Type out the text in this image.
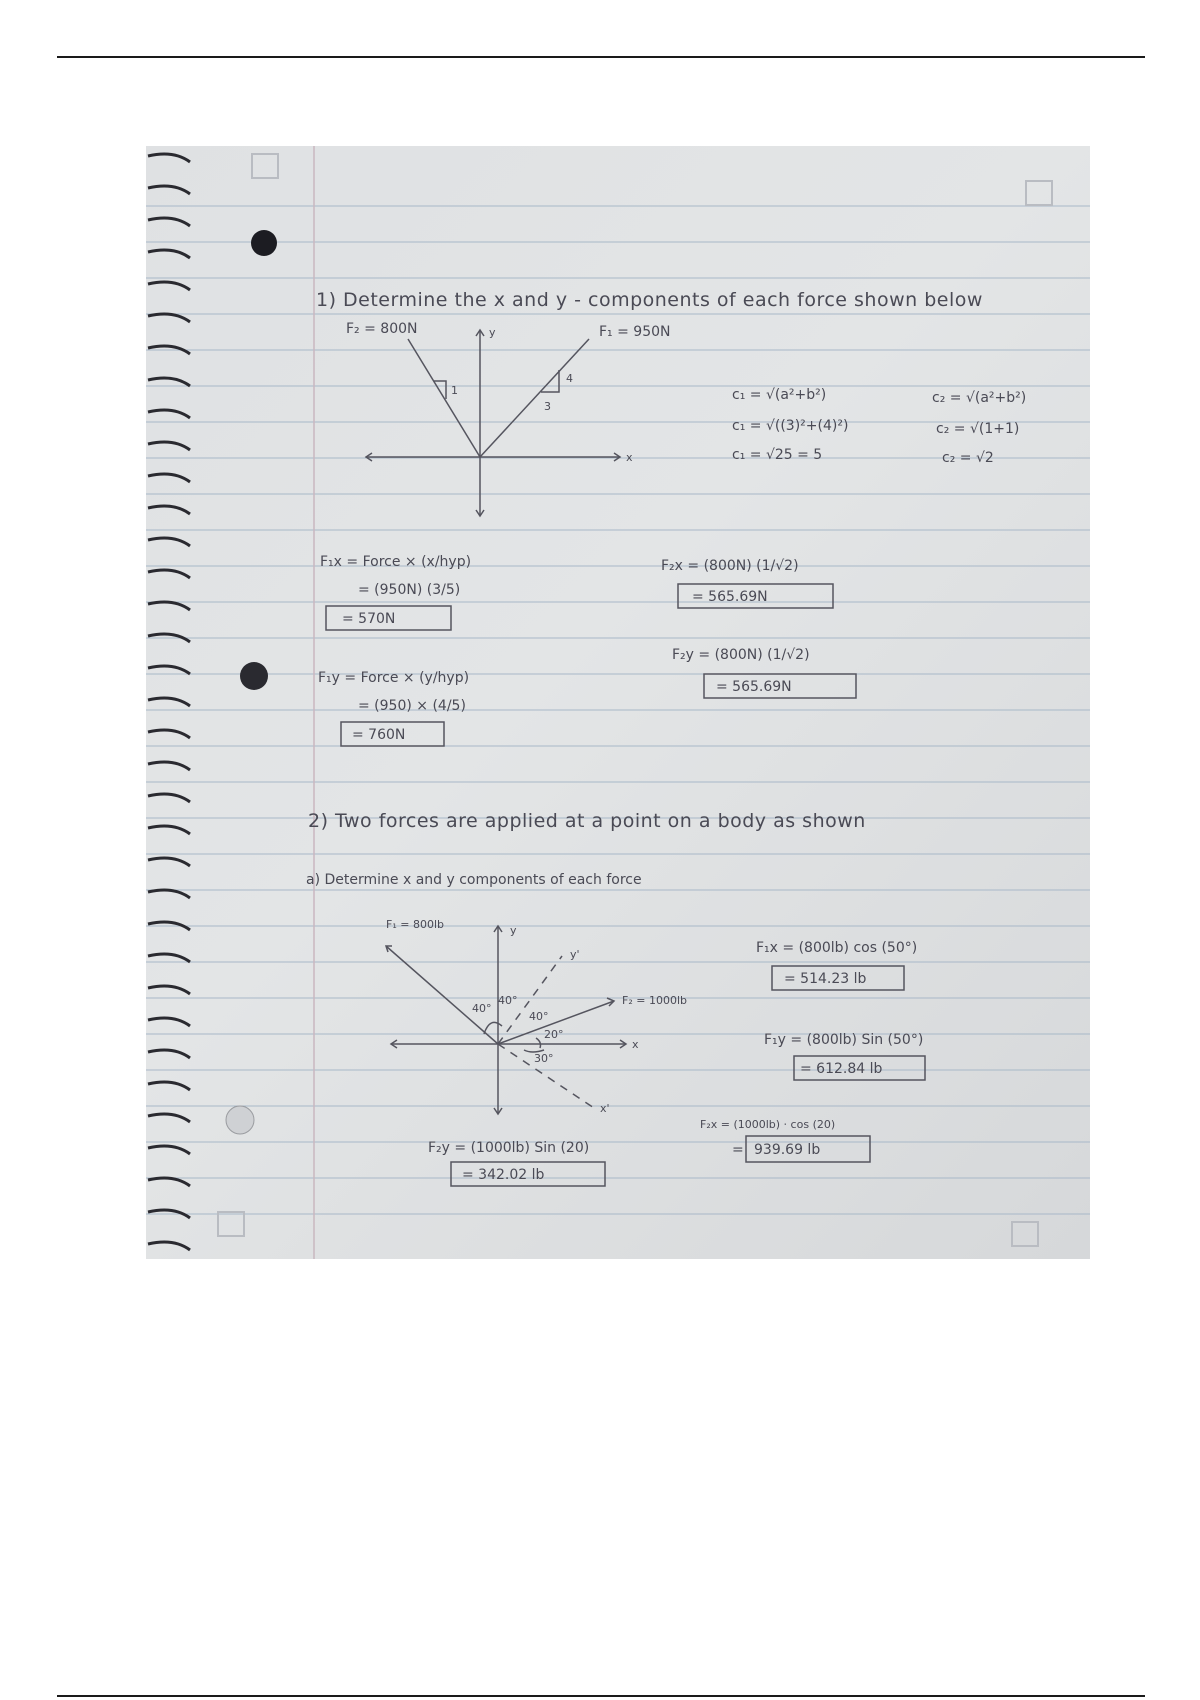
1) Determine the x and y - components of each force shown below
F₂ = 800N	F₁ = 950N
y
x
1
4
3
c₁ = √(a²+b²)
c₁ = √((3)²+(4)²)
c₁ = √25 = 5
c₂ = √(a²+b²)
c₂ = √(1+1)
c₂ = √2
F₁x = Force × (x/hyp)
= (950N) (3/5)
= 570N
F₂x = (800N) (1/√2)
= 565.69N
F₁y = Force × (y/hyp)
= (950) × (4/5)
= 760N
F₂y = (800N) (1/√2)
= 565.69N
2) Two forces are applied at a point on a body as shown
a) Determine x and y components of each force
F₁ = 800lb
F₂ = 1000lb
y
x
y'
x'
40°
40°
40°
20°
30°
F₁x = (800lb) cos (50°)
= 514.23 lb
F₁y = (800lb) Sin (50°)
= 612.84 lb
F₂x = (1000lb) ⋅ cos (20)
= 939.69 lb
F₂y = (1000lb) Sin (20)
= 342.02 lb
